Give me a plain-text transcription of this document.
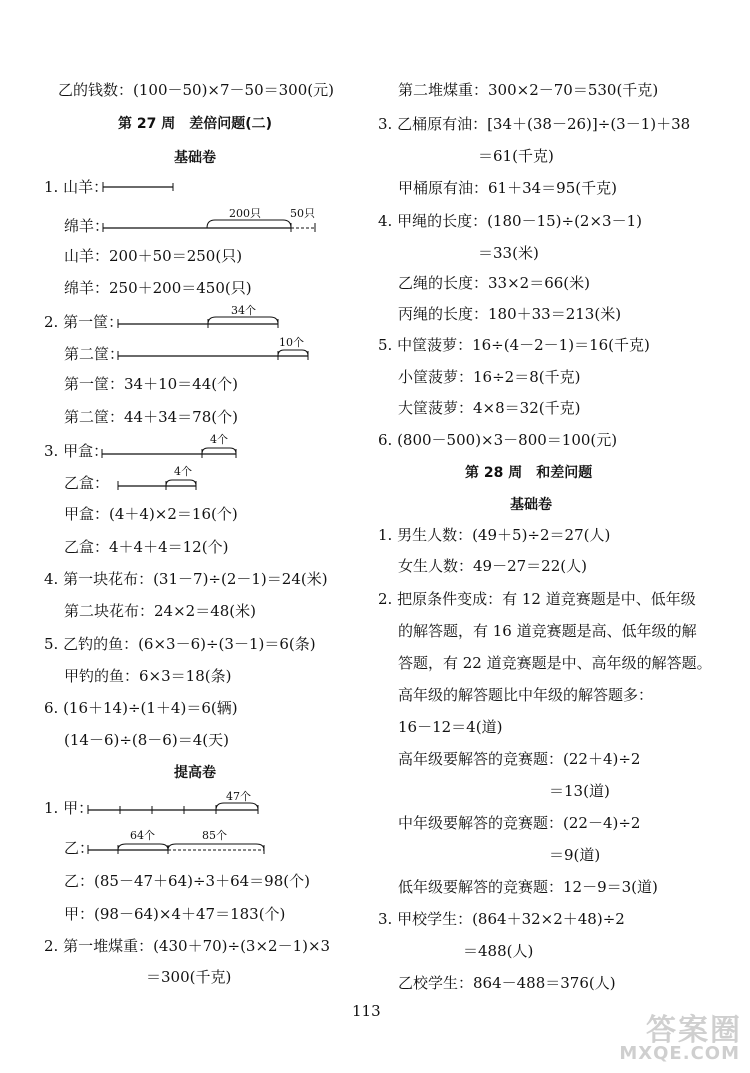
乙的钱数：(100－50)×7－50＝300(元)
第 27 周　差倍问题(二)
基础卷
1. 山羊：
绵羊：
200只	50只
山羊：200＋50＝250(只)
绵羊：250＋200＝450(只)
2. 第一筐：
34个
第二筐：
10个
第一筐：34＋10＝44(个)
第二筐：44＋34＝78(个)
3. 甲盒：
4个
乙盒：
4个
甲盒：(4＋4)×2＝16(个)
乙盒：4＋4＋4＝12(个)
4. 第一块花布：(31－7)÷(2－1)＝24(米)
第二块花布：24×2＝48(米)
5. 乙钓的鱼：(6×3－6)÷(3－1)＝6(条)
甲钓的鱼：6×3＝18(条)
6. (16＋14)÷(1＋4)＝6(辆)
(14－6)÷(8－6)＝4(天)
提高卷
1. 甲：
47个
乙：
64个	85个
乙：(85－47＋64)÷3＋64＝98(个)
甲：(98－64)×4＋47＝183(个)
2. 第一堆煤重：(430＋70)÷(3×2－1)×3
＝300(千克)
第二堆煤重：300×2－70＝530(千克)
3. 乙桶原有油：[34＋(38－26)]÷(3－1)＋38
＝61(千克)
甲桶原有油：61＋34＝95(千克)
4. 甲绳的长度：(180－15)÷(2×3－1)
＝33(米)
乙绳的长度：33×2＝66(米)
丙绳的长度：180＋33＝213(米)
5. 中筐菠萝：16÷(4－2－1)＝16(千克)
小筐菠萝：16÷2＝8(千克)
大筐菠萝：4×8＝32(千克)
6. (800－500)×3－800＝100(元)
第 28 周　和差问题
基础卷
1. 男生人数：(49＋5)÷2＝27(人)
女生人数：49－27＝22(人)
2. 把原条件变成：有 12 道竞赛题是中、低年级
的解答题，有 16 道竞赛题是高、低年级的解
答题，有 22 道竞赛题是中、高年级的解答题。
高年级的解答题比中年级的解答题多：
16－12＝4(道)
高年级要解答的竞赛题：(22＋4)÷2
＝13(道)
中年级要解答的竞赛题：(22－4)÷2
＝9(道)
低年级要解答的竞赛题：12－9＝3(道)
3. 甲校学生：(864＋32×2＋48)÷2
＝488(人)
乙校学生：864－488＝376(人)
113
答案圈
MXQE.COM
